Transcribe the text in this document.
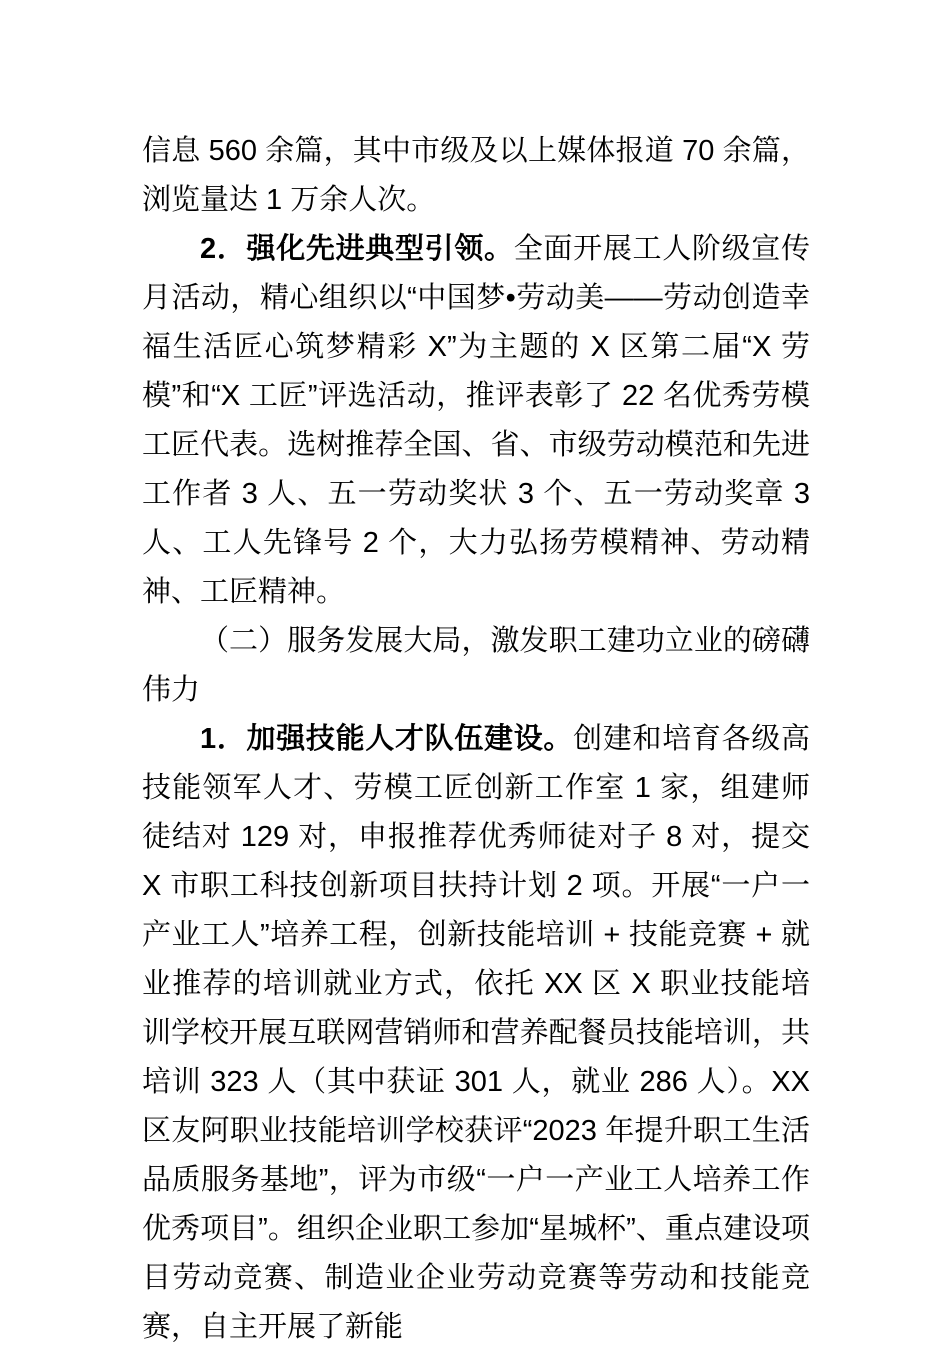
信息 560 余篇，其中市级及以上媒体报道 70 余篇，浏览量达 1 万余人次。

2．强化先进典型引领。全面开展工人阶级宣传月活动，精心组织以“中国梦•劳动美——劳动创造幸福生活匠心筑梦精彩 X”为主题的 X 区第二届“X 劳模”和“X 工匠”评选活动，推评表彰了 22 名优秀劳模工匠代表。选树推荐全国、省、市级劳动模范和先进工作者 3 人、五一劳动奖状 3 个、五一劳动奖章 3 人、工人先锋号 2 个，大力弘扬劳模精神、劳动精神、工匠精神。

（二）服务发展大局，激发职工建功立业的磅礴伟力

1．加强技能人才队伍建设。创建和培育各级高技能领军人才、劳模工匠创新工作室 1 家，组建师徒结对 129 对，申报推荐优秀师徒对子 8 对，提交 X 市职工科技创新项目扶持计划 2 项。开展“一户一产业工人”培养工程，创新技能培训 + 技能竞赛 + 就业推荐的培训就业方式，依托 XX 区 X 职业技能培训学校开展互联网营销师和营养配餐员技能培训，共培训 323 人（其中获证 301 人，就业 286 人）。XX 区友阿职业技能培训学校获评“2023 年提升职工生活品质服务基地”，评为市级“一户一产业工人培养工作优秀项目”。组织企业职工参加“星城杯”、重点建设项目劳动竞赛、制造业企业劳动竞赛等劳动和技能竞赛，自主开展了新能
